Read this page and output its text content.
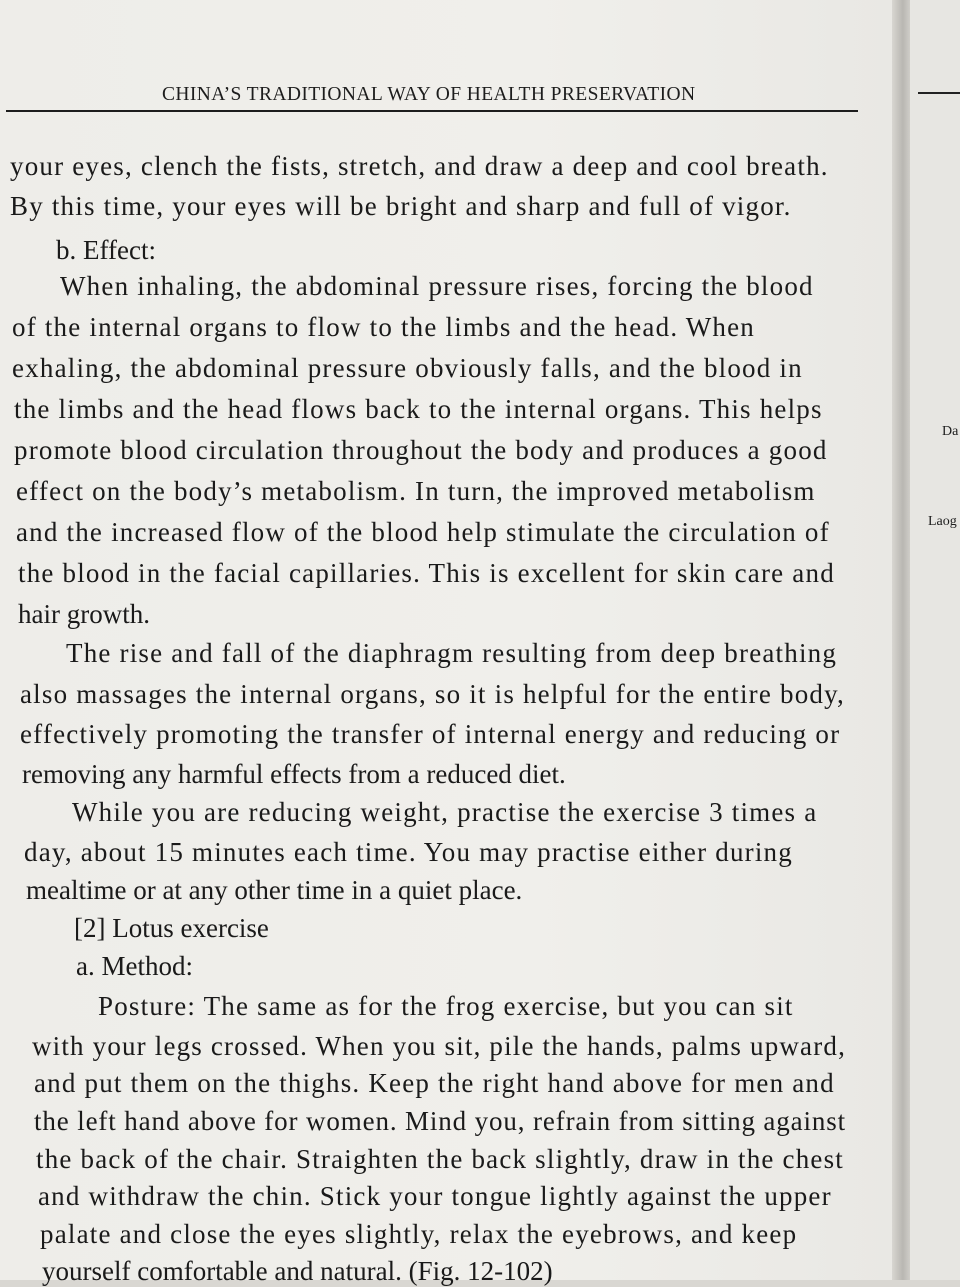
CHINA’S TRADITIONAL WAY OF HEALTH PRESERVATION
your eyes, clench the fists, stretch, and draw a deep and cool breath.
By this time, your eyes will be bright and sharp and full of vigor.
b. Effect:
When inhaling, the abdominal pressure rises, forcing the blood
of the internal organs to flow to the limbs and the head. When
exhaling, the abdominal pressure obviously falls, and the blood in
the limbs and the head flows back to the internal organs. This helps
promote blood circulation throughout the body and produces a good
effect on the body’s metabolism. In turn, the improved metabolism
and the increased flow of the blood help stimulate the circulation of
the blood in the facial capillaries. This is excellent for skin care and
hair growth.
The rise and fall of the diaphragm resulting from deep breathing
also massages the internal organs, so it is helpful for the entire body,
effectively promoting the transfer of internal energy and reducing or
removing any harmful effects from a reduced diet.
While you are reducing weight, practise the exercise 3 times a
day, about 15 minutes each time. You may practise either during
mealtime or at any other time in a quiet place.
[2] Lotus exercise
a. Method:
Posture: The same as for the frog exercise, but you can sit
with your legs crossed. When you sit, pile the hands, palms upward,
and put them on the thighs. Keep the right hand above for men and
the left hand above for women. Mind you, refrain from sitting against
the back of the chair. Straighten the back slightly, draw in the chest
and withdraw the chin. Stick your tongue lightly against the upper
palate and close the eyes slightly, relax the eyebrows, and keep
yourself comfortable and natural. (Fig. 12-102)
Da
Laog
